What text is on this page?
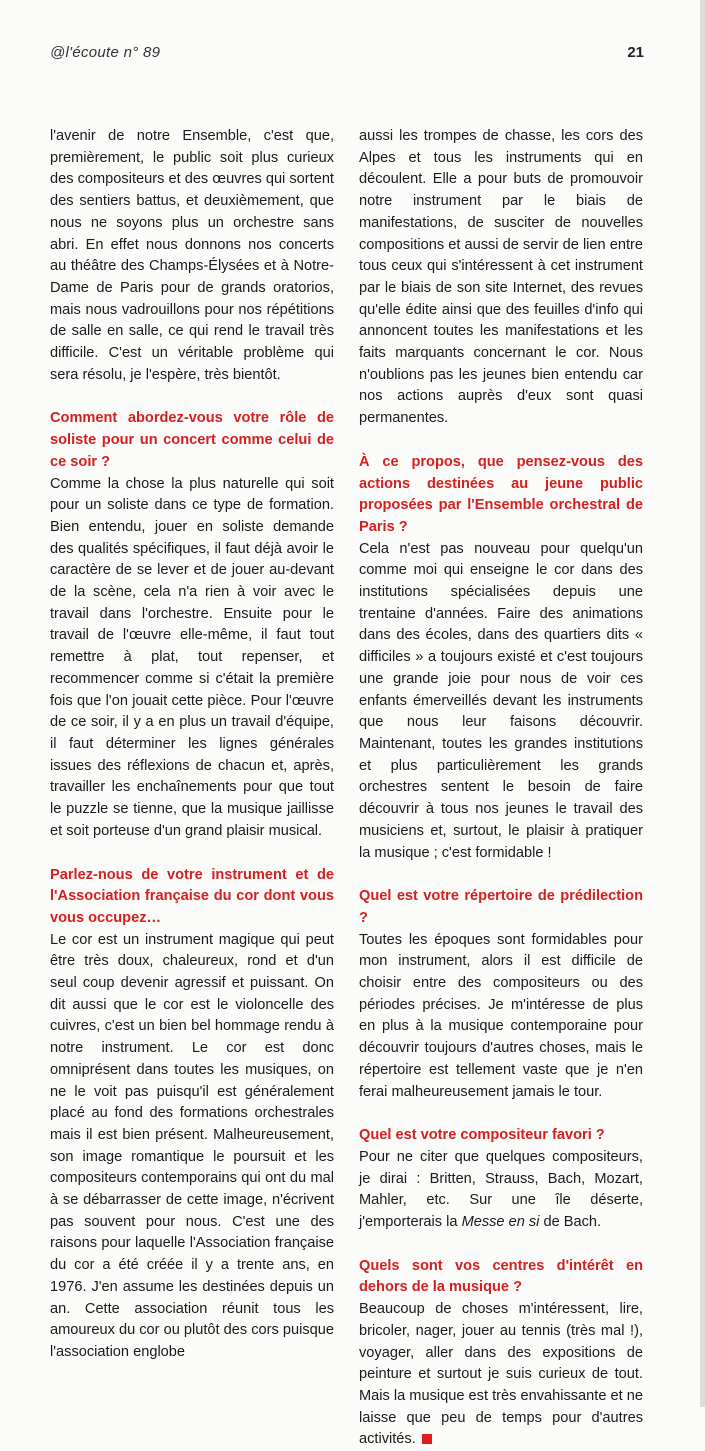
@l'écoute n° 89	21

l'avenir de notre Ensemble, c'est que, premièrement, le public soit plus curieux des compositeurs et des œuvres qui sortent des sentiers battus, et deuxièmement, que nous ne soyons plus un orchestre sans abri. En effet nous donnons nos concerts au théâtre des Champs-Élysées et à Notre-Dame de Paris pour de grands oratorios, mais nous vadrouillons pour nos répétitions de salle en salle, ce qui rend le travail très difficile. C'est un véritable problème qui sera résolu, je l'espère, très bientôt.

Comment abordez-vous votre rôle de soliste pour un concert comme celui de ce soir ?

Comme la chose la plus naturelle qui soit pour un soliste dans ce type de formation. Bien entendu, jouer en soliste demande des qualités spécifiques, il faut déjà avoir le caractère de se lever et de jouer au-devant de la scène, cela n'a rien à voir avec le travail dans l'orchestre. Ensuite pour le travail de l'œuvre elle-même, il faut tout remettre à plat, tout repenser, et recommencer comme si c'était la première fois que l'on jouait cette pièce. Pour l'œuvre de ce soir, il y a en plus un travail d'équipe, il faut déterminer les lignes générales issues des réflexions de chacun et, après, travailler les enchaînements pour que tout le puzzle se tienne, que la musique jaillisse et soit porteuse d'un grand plaisir musical.

Parlez-nous de votre instrument et de l'Association française du cor dont vous vous occupez…

Le cor est un instrument magique qui peut être très doux, chaleureux, rond et d'un seul coup devenir agressif et puissant. On dit aussi que le cor est le violoncelle des cuivres, c'est un bien bel hommage rendu à notre instrument. Le cor est donc omniprésent dans toutes les musiques, on ne le voit pas puisqu'il est généralement placé au fond des formations orchestrales mais il est bien présent. Malheureusement, son image romantique le poursuit et les compositeurs contemporains qui ont du mal à se débarrasser de cette image, n'écrivent pas souvent pour nous. C'est une des raisons pour laquelle l'Association française du cor a été créée il y a trente ans, en 1976. J'en assume les destinées depuis un an. Cette association réunit tous les amoureux du cor ou plutôt des cors puisque l'association englobe

aussi les trompes de chasse, les cors des Alpes et tous les instruments qui en découlent. Elle a pour buts de promouvoir notre instrument par le biais de manifestations, de susciter de nouvelles compositions et aussi de servir de lien entre tous ceux qui s'intéressent à cet instrument par le biais de son site Internet, des revues qu'elle édite ainsi que des feuilles d'info qui annoncent toutes les manifestations et les faits marquants concernant le cor. Nous n'oublions pas les jeunes bien entendu car nos actions auprès d'eux sont quasi permanentes.

À ce propos, que pensez-vous des actions destinées au jeune public proposées par l'Ensemble orchestral de Paris ?

Cela n'est pas nouveau pour quelqu'un comme moi qui enseigne le cor dans des institutions spécialisées depuis une trentaine d'années. Faire des animations dans des écoles, dans des quartiers dits « difficiles » a toujours existé et c'est toujours une grande joie pour nous de voir ces enfants émerveillés devant les instruments que nous leur faisons découvrir. Maintenant, toutes les grandes institutions et plus particulièrement les grands orchestres sentent le besoin de faire découvrir à tous nos jeunes le travail des musiciens et, surtout, le plaisir à pratiquer la musique ; c'est formidable !

Quel est votre répertoire de prédilection ?

Toutes les époques sont formidables pour mon instrument, alors il est difficile de choisir entre des compositeurs ou des périodes précises. Je m'intéresse de plus en plus à la musique contemporaine pour découvrir toujours d'autres choses, mais le répertoire est tellement vaste que je n'en ferai malheureusement jamais le tour.

Quel est votre compositeur favori ?

Pour ne citer que quelques compositeurs, je dirai : Britten, Strauss, Bach, Mozart, Mahler, etc. Sur une île déserte, j'emporterais la Messe en si de Bach.

Quels sont vos centres d'intérêt en dehors de la musique ?

Beaucoup de choses m'intéressent, lire, bricoler, nager, jouer au tennis (très mal !), voyager, aller dans des expositions de peinture et surtout je suis curieux de tout. Mais la musique est très envahissante et ne laisse que peu de temps pour d'autres activités.
